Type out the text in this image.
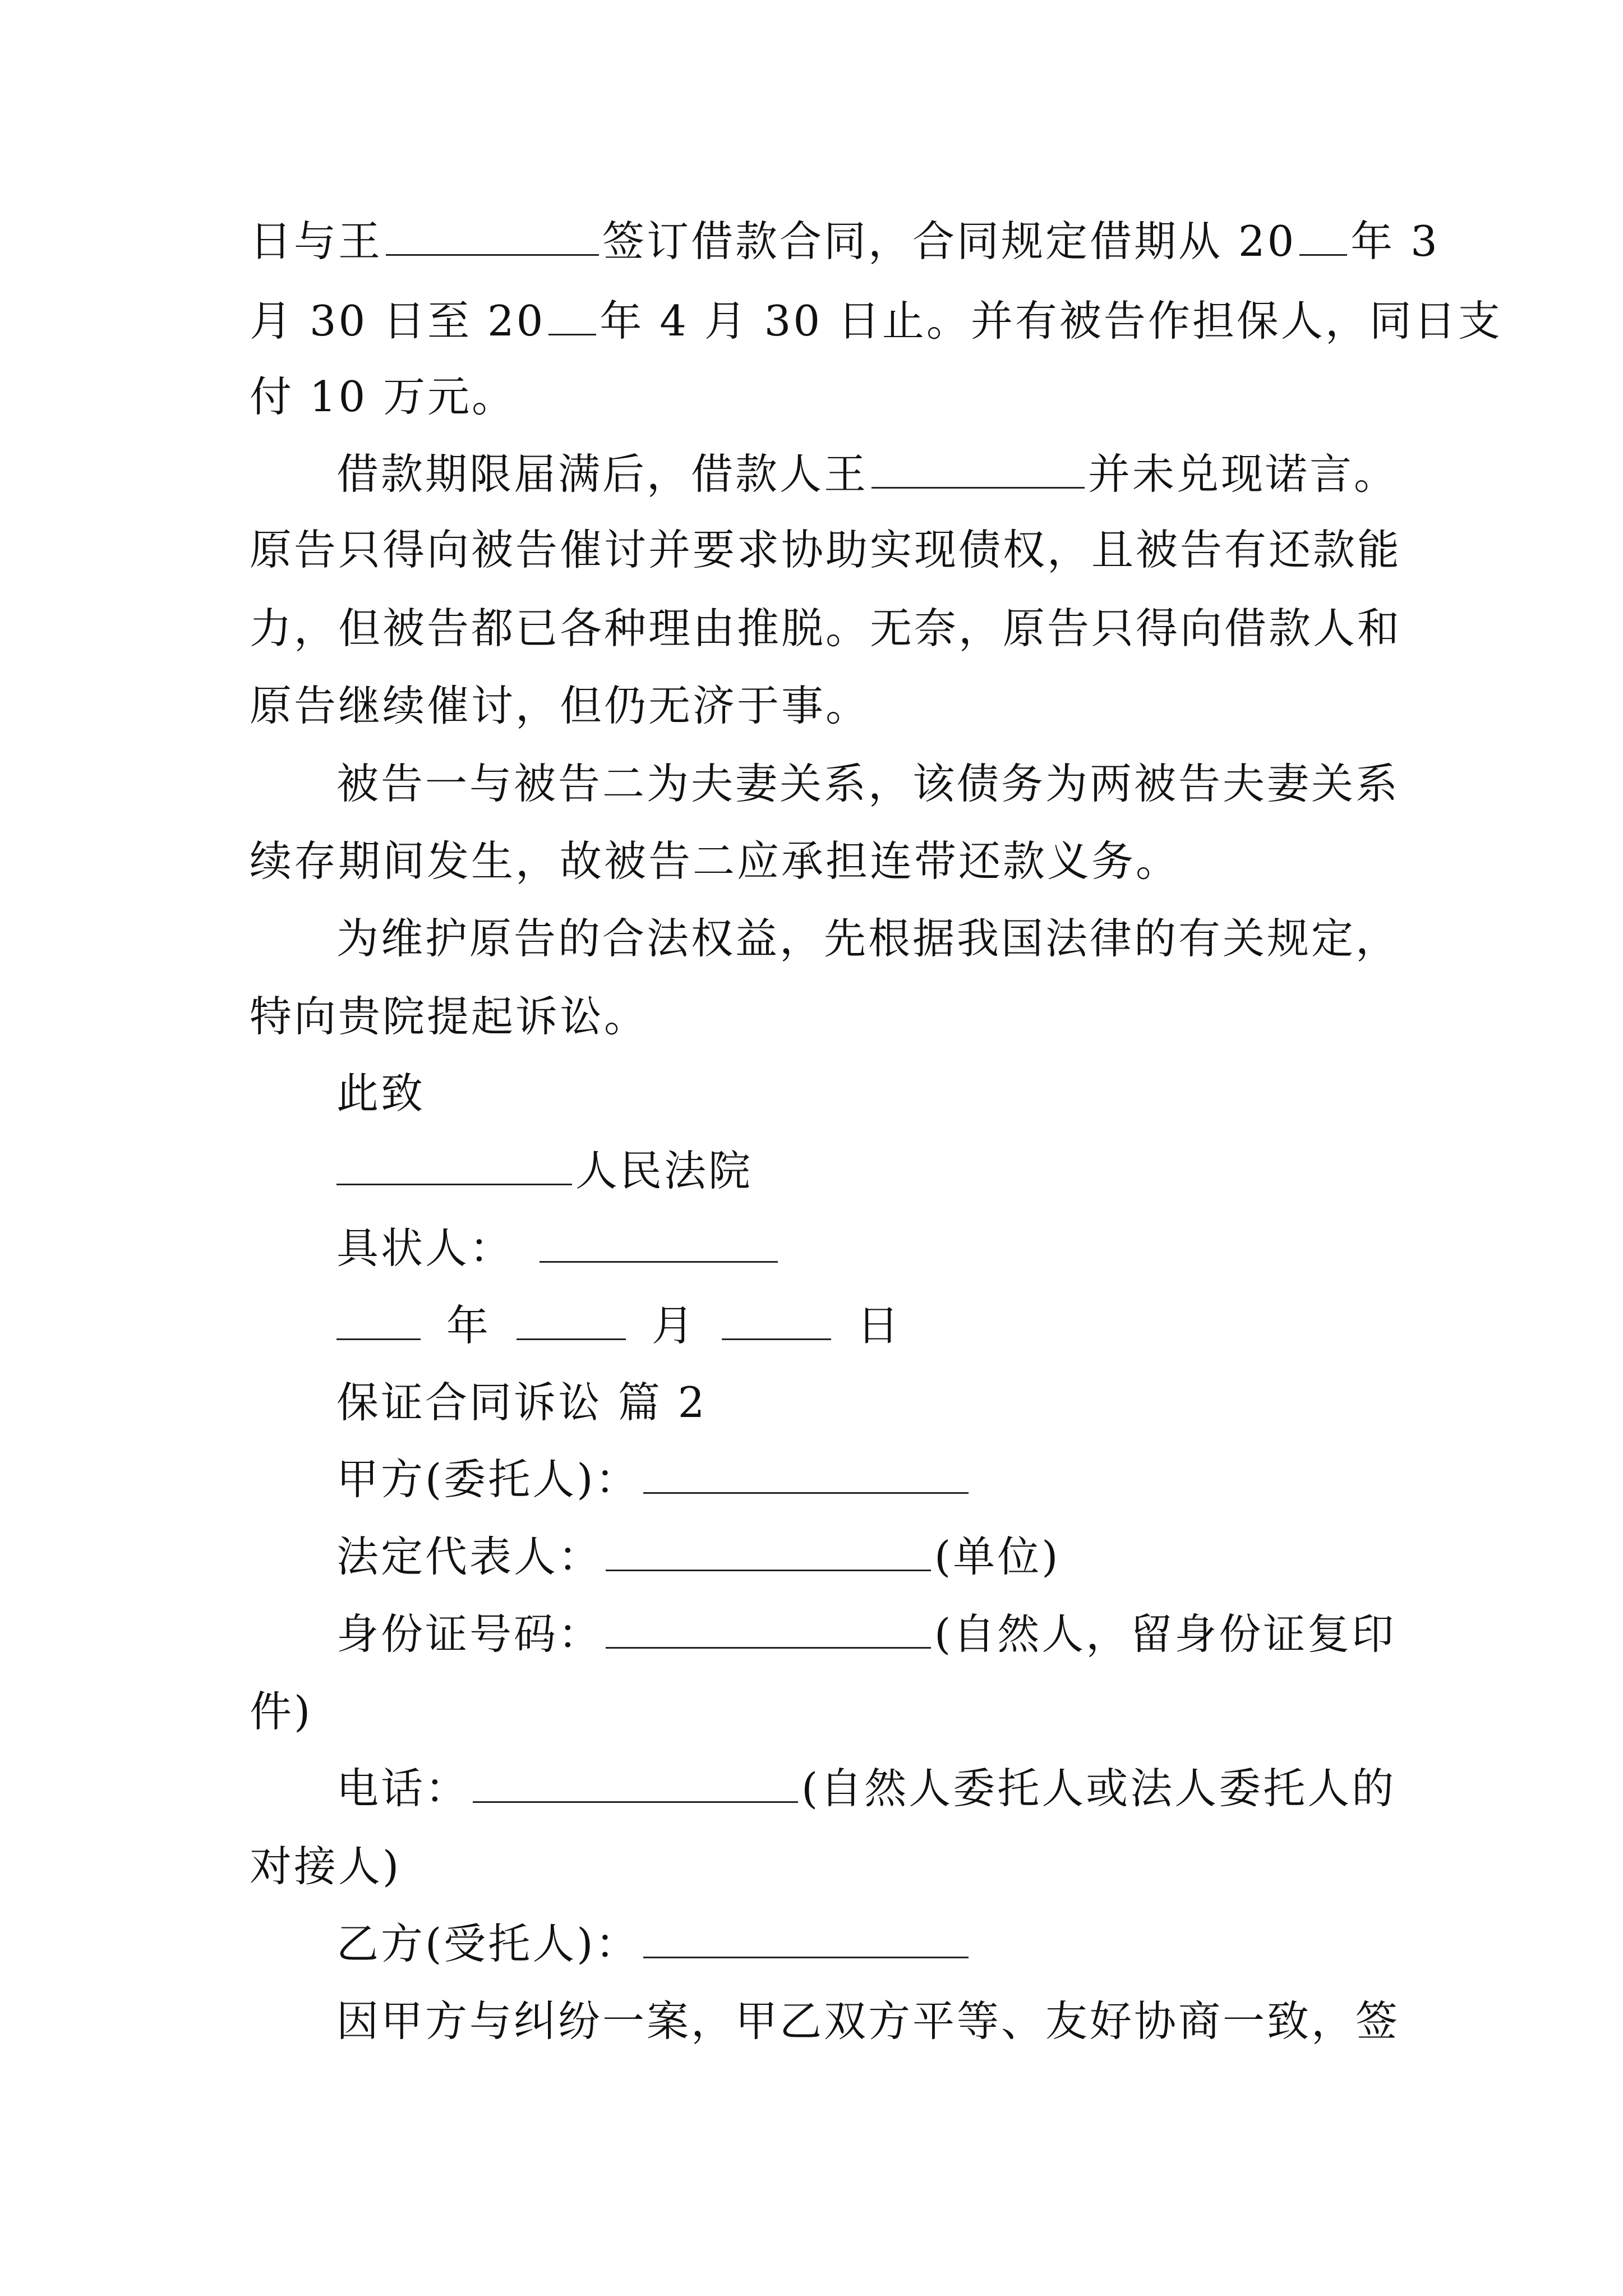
日与王	签订借款合同，合同规定借期从 20 年 3
月 30 日至 20 年 4 月 30 日止。并有被告作担保人，同日支
付 10 万元。
借款期限届满后，借款人王	并未兑现诺言。
原告只得向被告催讨并要求协助实现债权，且被告有还款能
力，但被告都已各种理由推脱。无奈，原告只得向借款人和
原告继续催讨，但仍无济于事。
被告一与被告二为夫妻关系，该债务为两被告夫妻关系
续存期间发生，故被告二应承担连带还款义务。
为维护原告的合法权益，先根据我国法律的有关规定，
特向贵院提起诉讼。
此致
人民法院
具状人：
年	月	日
保证合同诉讼 篇 2
甲方(委托人)：
法定代表人：	(单位)
身份证号码：	(自然人，留身份证复印
件)
电话：	(自然人委托人或法人委托人的
对接人)
乙方(受托人)：
因甲方与纠纷一案，甲乙双方平等、友好协商一致，签
